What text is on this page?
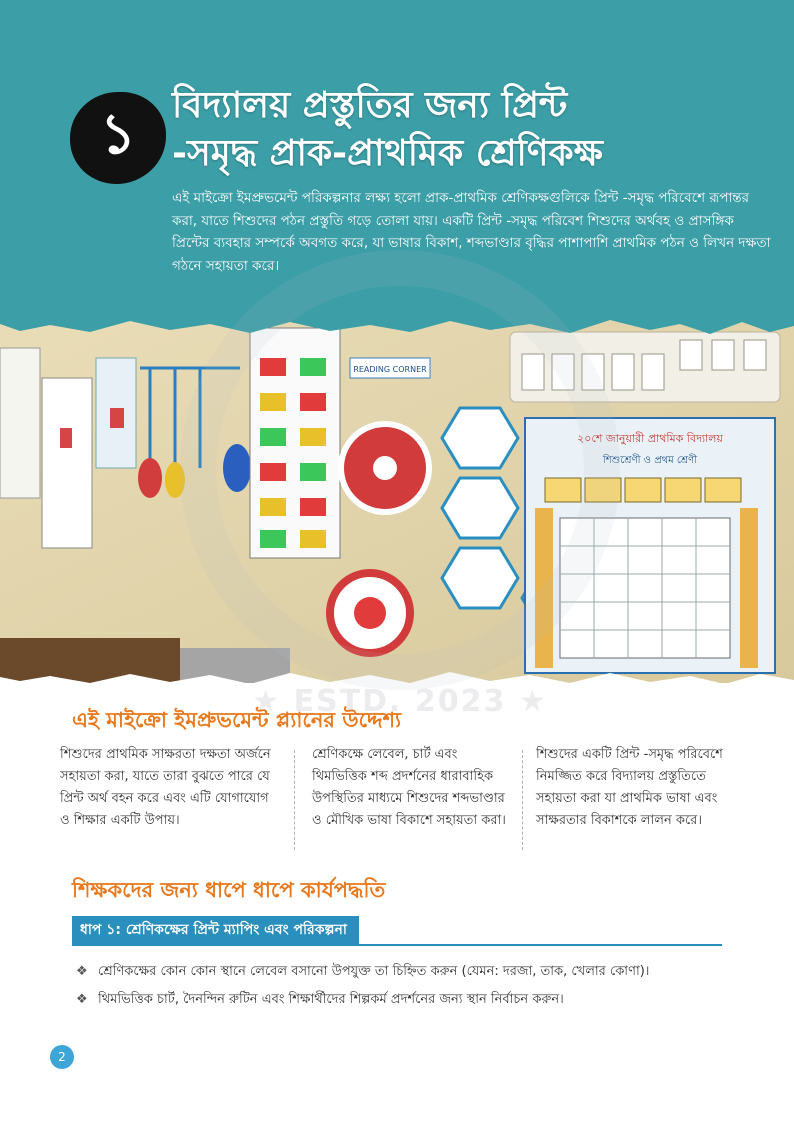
১ বিদ্যালয় প্রস্তুতির জন্য প্রিন্ট
-সমৃদ্ধ প্রাক-প্রাথমিক শ্রেণিকক্ষ
এই মাইক্রো ইমপ্রুভমেন্ট পরিকল্পনার লক্ষ্য হলো প্রাক-প্রাথমিক শ্রেণিকক্ষগুলিকে প্রিন্ট -সমৃদ্ধ পরিবেশে রূপান্তর করা, যাতে শিশুদের পঠন প্রস্তুতি গড়ে তোলা যায়। একটি প্রিন্ট -সমৃদ্ধ পরিবেশ শিশুদের অর্থবহ ও প্রাসঙ্গিক প্রিন্টের ব্যবহার সম্পর্কে অবগত করে, যা ভাষার বিকাশ, শব্দভাণ্ডার বৃদ্ধির পাশাপাশি প্রাথমিক পঠন ও লিখন দক্ষতা গঠনে সহায়তা করে।
READING CORNER
২০শে জানুয়ারী প্রাথমিক বিদ্যালয়
শিশুশ্রেণী ও প্রথম শ্রেণী
★ ESTD. 2023 ★
এই মাইক্রো ইমপ্রুভমেন্ট প্ল্যানের উদ্দেশ্য
শিশুদের প্রাথমিক সাক্ষরতা দক্ষতা অর্জনে সহায়তা করা, যাতে তারা বুঝতে পারে যে প্রিন্ট অর্থ বহন করে এবং এটি যোগাযোগ ও শিক্ষার একটি উপায়।
শ্রেণিকক্ষে লেবেল, চার্ট এবং থিমভিত্তিক শব্দ প্রদর্শনের ধারাবাহিক উপস্থিতির মাধ্যমে শিশুদের শব্দভাণ্ডার ও মৌখিক ভাষা বিকাশে সহায়তা করা।
শিশুদের একটি প্রিন্ট -সমৃদ্ধ পরিবেশে নিমজ্জিত করে বিদ্যালয় প্রস্তুতিতে সহায়তা করা যা প্রাথমিক ভাষা এবং সাক্ষরতার বিকাশকে লালন করে।
শিক্ষকদের জন্য ধাপে ধাপে কার্যপদ্ধতি
ধাপ ১: শ্রেণিকক্ষের প্রিন্ট ম্যাপিং এবং পরিকল্পনা
❖ শ্রেণিকক্ষের কোন কোন স্থানে লেবেল বসানো উপযুক্ত তা চিহ্নিত করুন (যেমন: দরজা, তাক, খেলার কোণা)।
❖ থিমভিত্তিক চার্ট, দৈনন্দিন রুটিন এবং শিক্ষার্থীদের শিল্পকর্ম প্রদর্শনের জন্য স্থান নির্বাচন করুন।
2
